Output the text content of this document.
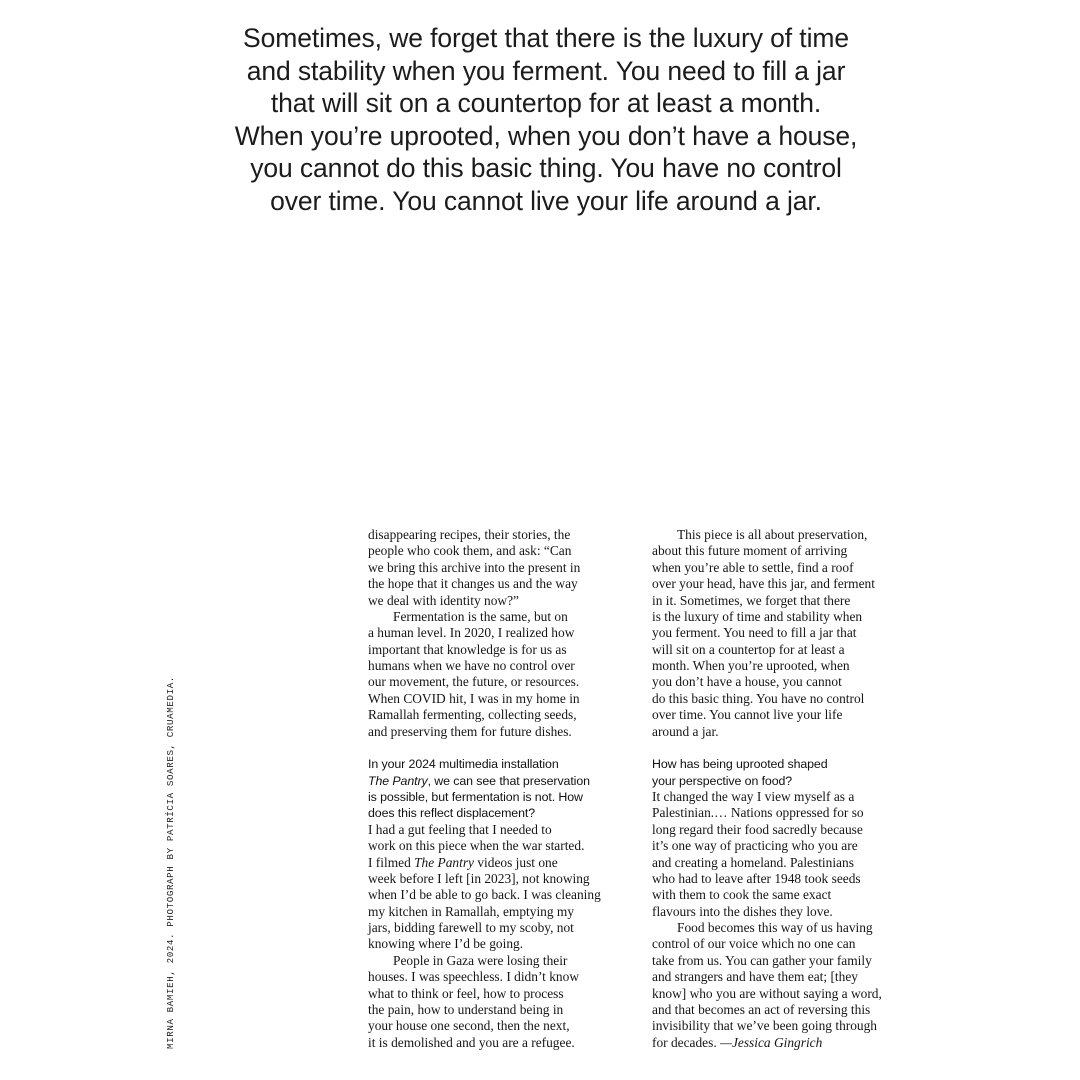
Sometimes, we forget that there is the luxury of time
and stability when you ferment. You need to fill a jar
that will sit on a countertop for at least a month.
When you’re uprooted, when you don’t have a house,
you cannot do this basic thing. You have no control
over time. You cannot live your life around a jar.
MIRNA BAMIEH, 2024. PHOTOGRAPH BY PATRÍCIA SOARES, CRUAMEDIA.
disappearing recipes, their stories, the
people who cook them, and ask: “Can
we bring this archive into the present in
the hope that it changes us and the way
we deal with identity now?”
Fermentation is the same, but on
a human level. In 2020, I realized how
important that knowledge is for us as
humans when we have no control over
our movement, the future, or resources.
When COVID hit, I was in my home in
Ramallah fermenting, collecting seeds,
and preserving them for future dishes.
In your 2024 multimedia installation
The Pantry, we can see that preservation
is possible, but fermentation is not. How
does this reflect displacement?
I had a gut feeling that I needed to
work on this piece when the war started.
I filmed The Pantry videos just one
week before I left [in 2023], not knowing
when I’d be able to go back. I was cleaning
my kitchen in Ramallah, emptying my
jars, bidding farewell to my scoby, not
knowing where I’d be going.
People in Gaza were losing their
houses. I was speechless. I didn’t know
what to think or feel, how to process
the pain, how to understand being in
your house one second, then the next,
it is demolished and you are a refugee.
This piece is all about preservation,
about this future moment of arriving
when you’re able to settle, find a roof
over your head, have this jar, and ferment
in it. Sometimes, we forget that there
is the luxury of time and stability when
you ferment. You need to fill a jar that
will sit on a countertop for at least a
month. When you’re uprooted, when
you don’t have a house, you cannot
do this basic thing. You have no control
over time. You cannot live your life
around a jar.
How has being uprooted shaped
your perspective on food?
It changed the way I view myself as a
Palestinian.… Nations oppressed for so
long regard their food sacredly because
it’s one way of practicing who you are
and creating a homeland. Palestinians
who had to leave after 1948 took seeds
with them to cook the same exact
flavours into the dishes they love.
Food becomes this way of us having
control of our voice which no one can
take from us. You can gather your family
and strangers and have them eat; [they
know] who you are without saying a word,
and that becomes an act of reversing this
invisibility that we’ve been going through
for decades. —Jessica Gingrich
